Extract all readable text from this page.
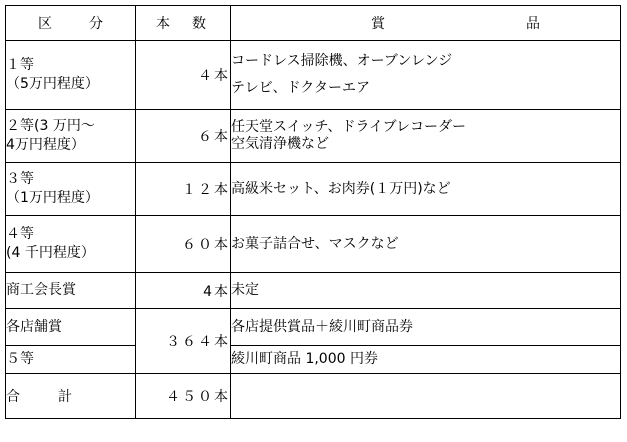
区 分	本　数	賞 品

１等
（5万円程度）	４本	コードレス掃除機、オーブンレンジ
テレビ、ドクターエア

２等(3 万円～
4万円程度）	６本	任天堂スイッチ、ドライブレコーダー
空気清浄機など

３等
（1万円程度）	１２本	高級米セット、お肉券(１万円)など

４等
(4 千円程度）	６０本	お菓子詰合せ、マスクなど

商工会長賞	4本	未定

各店舗賞	３６４本	各店提供賞品＋綾川町商品券

５等		綾川町商品 1,000 円券

合　計	４５０本	
